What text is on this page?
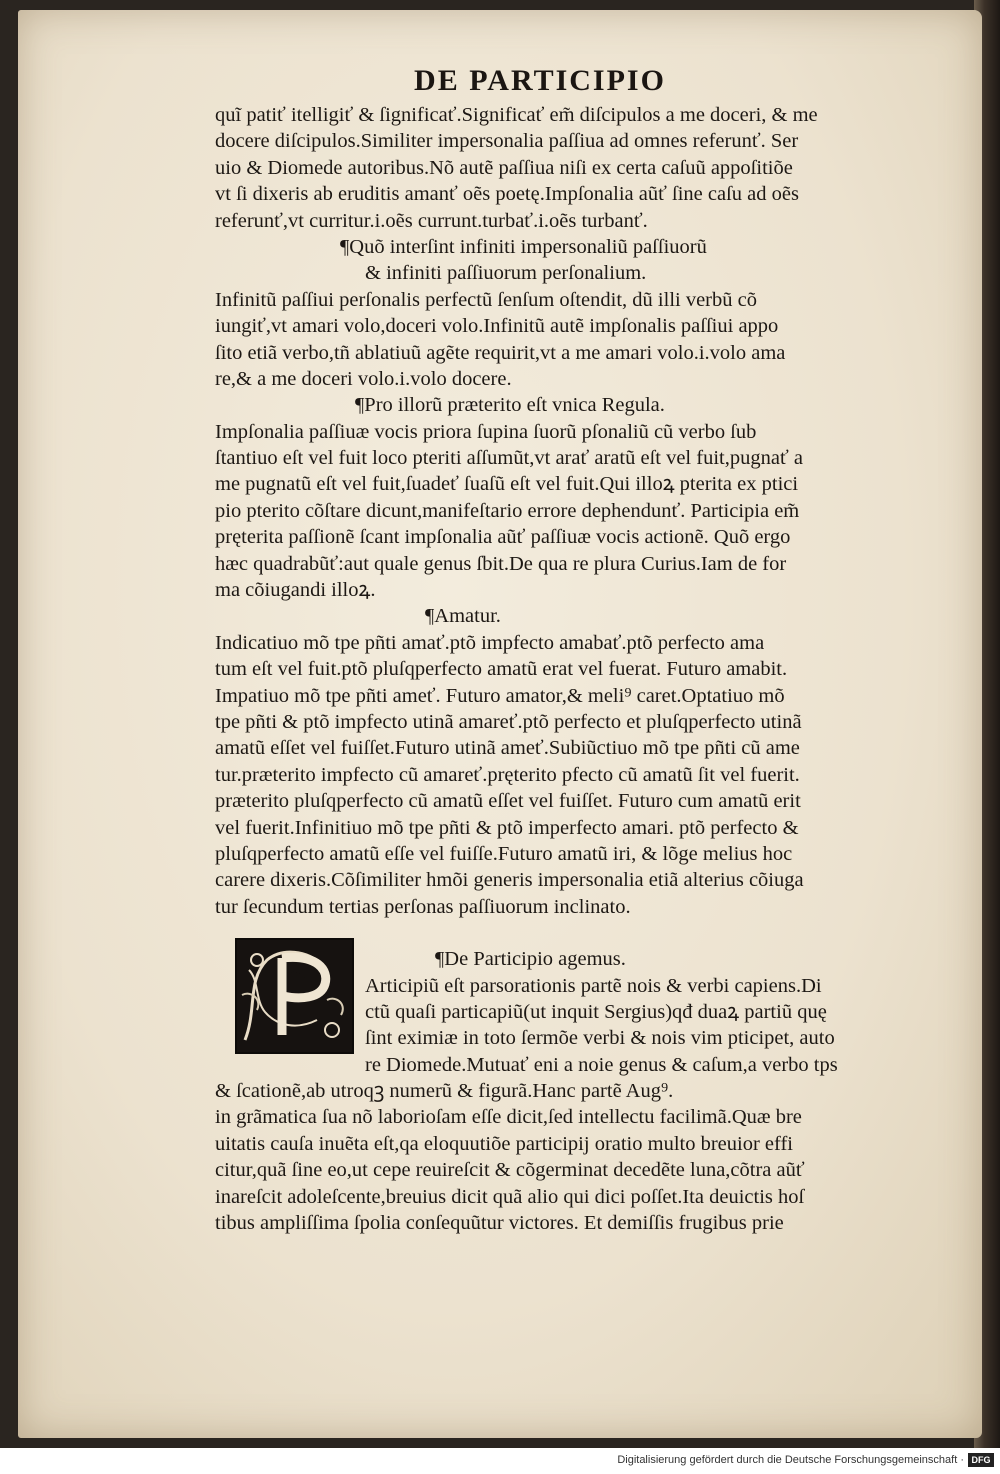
DE PARTICIPIO
quĩ patiť itelligiť & ſignificať.Significať em̃ diſcipulos a me doceri, & me
docere diſcipulos.Similiter impersonalia paſſiua ad omnes referunť. Ser
uio & Diomede autoribus.Nõ autẽ paſſiua niſi ex certa caſuũ appoſitiõe
vt ſi dixeris ab eruditis amanť oẽs poetę.Impſonalia aũť ſine caſu ad oẽs
referunť,vt curritur.i.oẽs currunt.turbať.i.oẽs turbanť.
¶Quõ interſint infiniti impersonaliũ paſſiuorũ
& infiniti paſſiuorum perſonalium.
Infinitũ paſſiui perſonalis perfectũ ſenſum oſtendit, dũ illi verbũ cõ
iungiť,vt amari volo,doceri volo.Infinitũ autẽ impſonalis paſſiui appo
ſito etiã verbo,tñ ablatiuũ agẽte requirit,vt a me amari volo.i.volo ama
re,& a me doceri volo.i.volo docere.
¶Pro illorũ præterito eſt vnica Regula.
Impſonalia paſſiuæ vocis priora ſupina ſuorũ pſonaliũ cũ verbo ſub
ſtantiuo eſt vel fuit loco pteriti aſſumũt,vt arať aratũ eſt vel fuit,pugnať a
me pugnatũ eſt vel fuit,ſuadeť ſuaſũ eſt vel fuit.Qui illoꝝ pterita ex ptici
pio pterito cõſtare dicunt,manifeſtario errore dephendunť. Participia em̃
pręterita paſſionẽ ſcant impſonalia aũť paſſiuæ vocis actionẽ. Quõ ergo
hæc quadrabũť:aut quale genus ſbit.De qua re plura Curius.Iam de for
ma cõiugandi illoꝝ.
¶Amatur.
Indicatiuo mõ tpe pñti amať.ptõ impfecto amabať.ptõ perfecto ama
tum eſt vel fuit.ptõ pluſqperfecto amatũ erat vel fuerat. Futuro amabit.
Impatiuo mõ tpe pñti ameť. Futuro amator,& meli⁹ caret.Optatiuo mõ
tpe pñti & ptõ impfecto utinã amareť.ptõ perfecto et pluſqperfecto utinã
amatũ eſſet vel fuiſſet.Futuro utinã ameť.Subiũctiuo mõ tpe pñti cũ ame
tur.præterito impfecto cũ amareť.pręterito pfecto cũ amatũ ſit vel fuerit.
præterito pluſqperfecto cũ amatũ eſſet vel fuiſſet. Futuro cum amatũ erit
vel fuerit.Infinitiuo mõ tpe pñti & ptõ imperfecto amari. ptõ perfecto &
pluſqperfecto amatũ eſſe vel fuiſſe.Futuro amatũ iri, & lõge melius hoc
carere dixeris.Cõſimiliter hmõi generis impersonalia etiã alterius cõiuga
tur ſecundum tertias perſonas paſſiuorum inclinato.
¶De Participio agemus.
Articipiũ eſt parsorationis partẽ nois & verbi capiens.Di
ctũ quaſi particapiũ(ut inquit Sergius)qđ duaꝝ partiũ quę
ſint eximiæ in toto ſermõe verbi & nois vim pticipet, auto
re Diomede.Mutuať eni a noie genus & caſum,a verbo tps
& ſcationẽ,ab utroqꝫ numerũ & figurã.Hanc partẽ Aug⁹.
in grãmatica ſua nõ laborioſam eſſe dicit,ſed intellectu facilimã.Quæ bre
uitatis cauſa inuẽta eſt,qa eloquutiõe participij oratio multo breuior effi
citur,quã ſine eo,ut cepe reuireſcit & cõgerminat decedẽte luna,cõtra aũť
inareſcit adoleſcente,breuius dicit quã alio qui dici poſſet.Ita deuictis hoſ
tibus ampliſſima ſpolia conſequũtur victores. Et demiſſis frugibus prie
Digitalisierung gefördert durch die Deutsche Forschungsgemeinschaft · DFG
